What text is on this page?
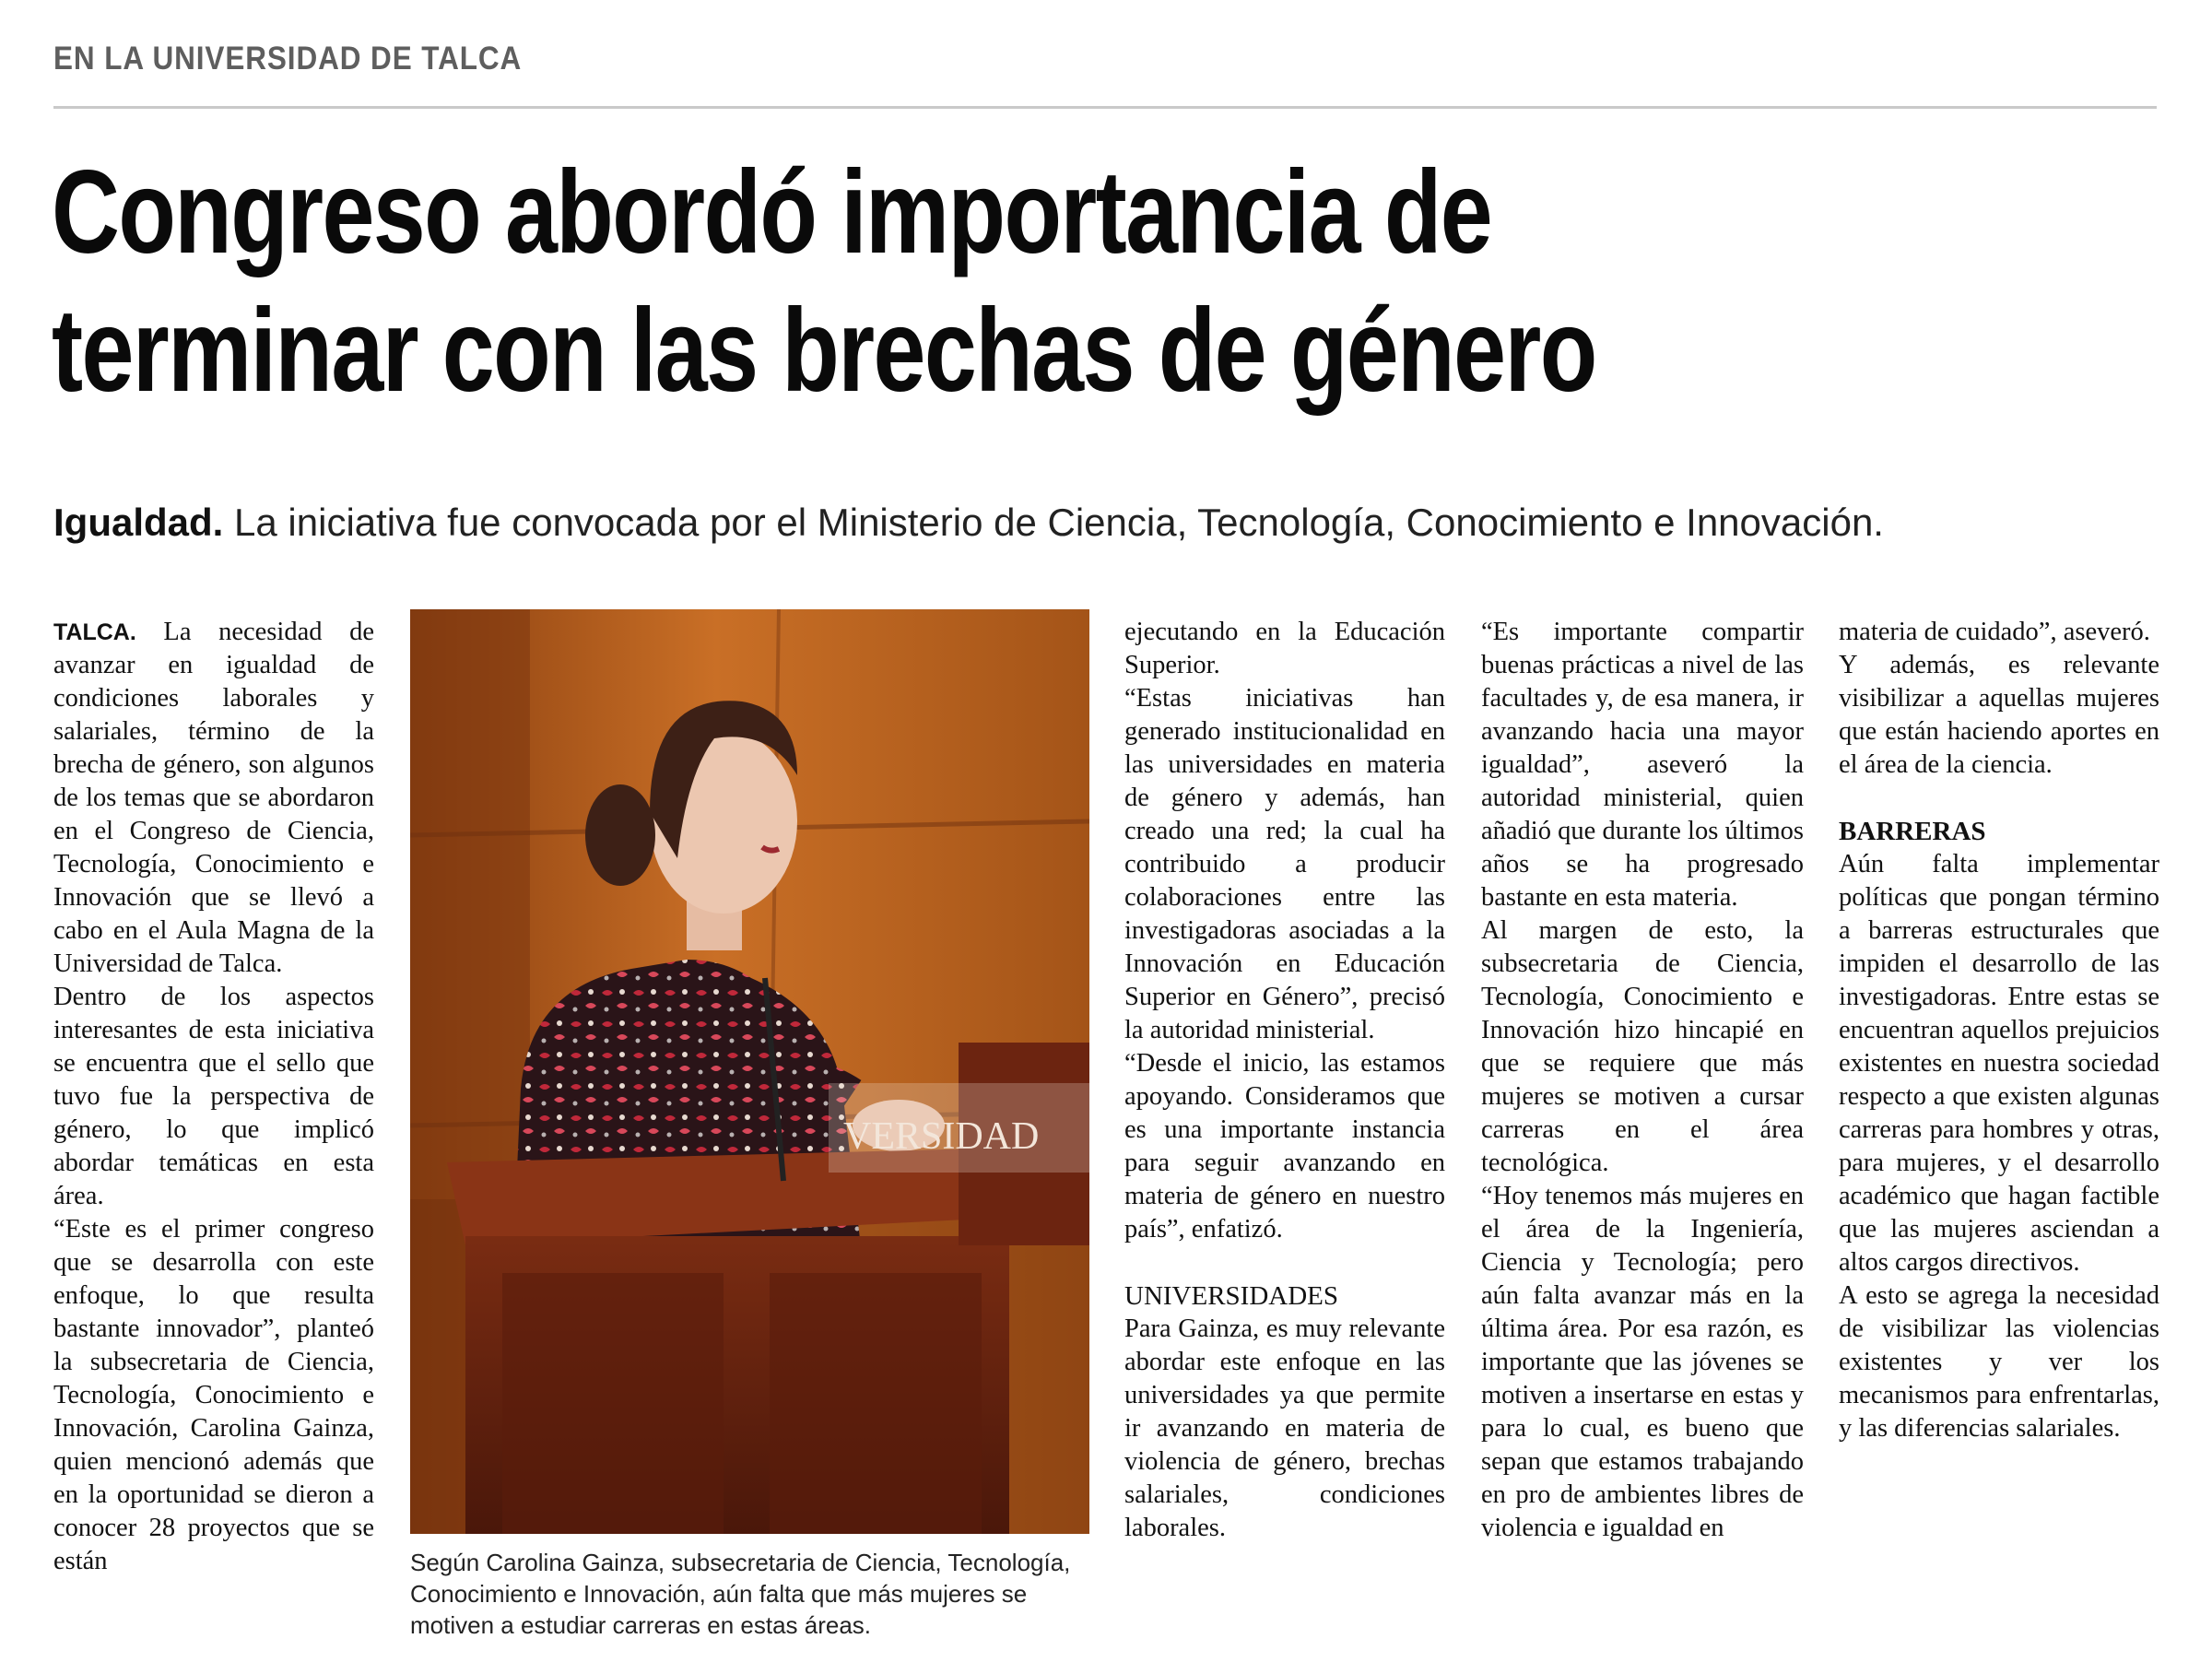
EN LA UNIVERSIDAD DE TALCA
Congreso abordó importancia de
terminar con las brechas de género
Igualdad. La iniciativa fue convocada por el Ministerio de Ciencia, Tecnología, Conocimiento e Innovación.

TALCA. La necesidad de avanzar en igualdad de condiciones laborales y salariales, término de la brecha de género, son algunos de los temas que se abordaron en el Congreso de Ciencia, Tecnología, Conocimiento e Innovación que se llevó a cabo en el Aula Magna de la Universidad de Talca.

Dentro de los aspectos interesantes de esta iniciativa se encuentra que el sello que tuvo fue la perspectiva de género, lo que implicó abordar temáticas en esta área.

“Este es el primer congreso que se desarrolla con este enfoque, lo que resulta bastante innovador”, planteó la subsecretaria de Ciencia, Tecnología, Conocimiento e Innovación, Carolina Gainza, quien mencionó además que en la oportunidad se dieron a conocer 28 proyectos que se están

VERSIDAD
Según Carolina Gainza, subsecretaria de Ciencia, Tecnología, Conocimiento e Innovación, aún falta que más mujeres se motiven a estudiar carreras en estas áreas.

ejecutando en la Educación Superior.

“Estas iniciativas han generado institucionalidad en las universidades en materia de género y además, han creado una red; la cual ha contribuido a producir colaboraciones entre las investigadoras asociadas a la Innovación en Educación Superior en Género”, precisó la autoridad ministerial.

“Desde el inicio, las estamos apoyando. Consideramos que es una importante instancia para seguir avanzando en materia de género en nuestro país”, enfatizó.

UNIVERSIDADES

Para Gainza, es muy relevante abordar este enfoque en las universidades ya que permite ir avanzando en materia de violencia de género, brechas salariales, condiciones laborales.

“Es importante compartir buenas prácticas a nivel de las facultades y, de esa manera, ir avanzando hacia una mayor igualdad”, aseveró la autoridad ministerial, quien añadió que durante los últimos años se ha progresado bastante en esta materia.

Al margen de esto, la subsecretaria de Ciencia, Tecnología, Conocimiento e Innovación hizo hincapié en que se requiere que más mujeres se motiven a cursar carreras en el área tecnológica.

“Hoy tenemos más mujeres en el área de la Ingeniería, Ciencia y Tecnología; pero aún falta avanzar más en la última área. Por esa razón, es importante que las jóvenes se motiven a insertarse en estas y para lo cual, es bueno que sepan que estamos trabajando en pro de ambientes libres de violencia e igualdad en

materia de cuidado”, aseveró.

Y además, es relevante visibilizar a aquellas mujeres que están haciendo aportes en el área de la ciencia.

BARRERAS

Aún falta implementar políticas que pongan término a barreras estructurales que impiden el desarrollo de las investigadoras. Entre estas se encuentran aquellos prejuicios existentes en nuestra sociedad respecto a que existen algunas carreras para hombres y otras, para mujeres, y el desarrollo académico que hagan factible que las mujeres asciendan a altos cargos directivos.

A esto se agrega la necesidad de visibilizar las violencias existentes y ver los mecanismos para enfrentarlas, y las diferencias salariales.
